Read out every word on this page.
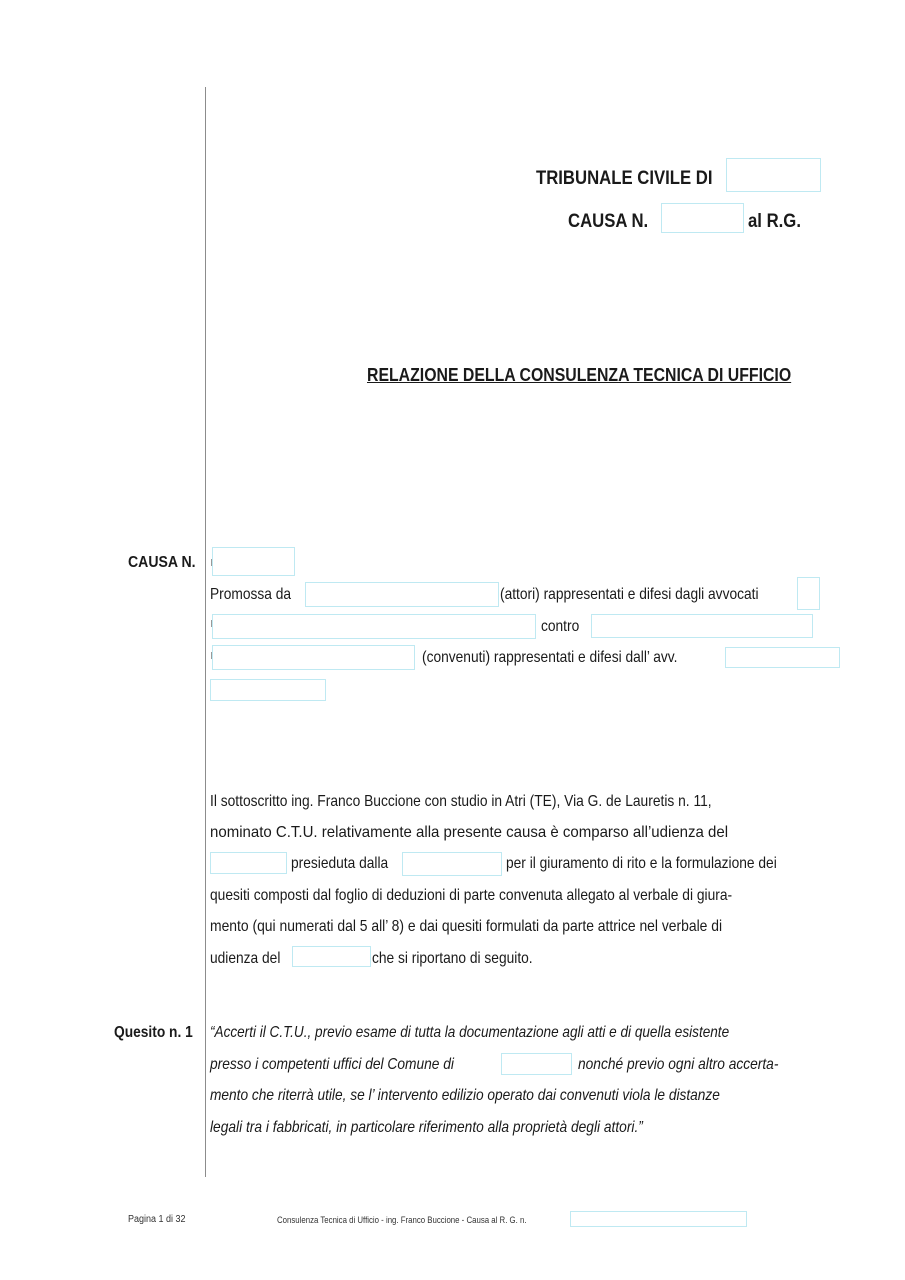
TRIBUNALE CIVILE DI
CAUSA N.	al R.G.
RELAZIONE DELLA CONSULENZA TECNICA DI UFFICIO
CAUSA N.
Promossa da	(attori) rappresentati e difesi dagli avvocati
contro
(convenuti) rappresentati e difesi dall’ avv.
Il sottoscritto ing. Franco Buccione con studio in Atri (TE), Via G. de Lauretis n. 11,
nominato C.T.U. relativamente alla presente causa è comparso all’udienza del
presieduta dalla	per il giuramento di rito e la formulazione dei
quesiti composti dal foglio di deduzioni di parte convenuta allegato al verbale di giura-
mento (qui numerati dal 5 all’ 8) e dai quesiti formulati da parte attrice nel verbale di
udienza del	che si riportano di seguito.
Quesito n. 1 “Accerti il C.T.U., previo esame di tutta la documentazione agli atti e di quella esistente
presso i competenti uffici del Comune di	nonché previo ogni altro accerta-
mento che riterrà utile, se l’ intervento edilizio operato dai convenuti viola le distanze
legali tra i fabbricati, in particolare riferimento alla proprietà degli attori.”
Pagina 1 di 32	Consulenza Tecnica di Ufficio - ing. Franco Buccione - Causa al R. G. n.
